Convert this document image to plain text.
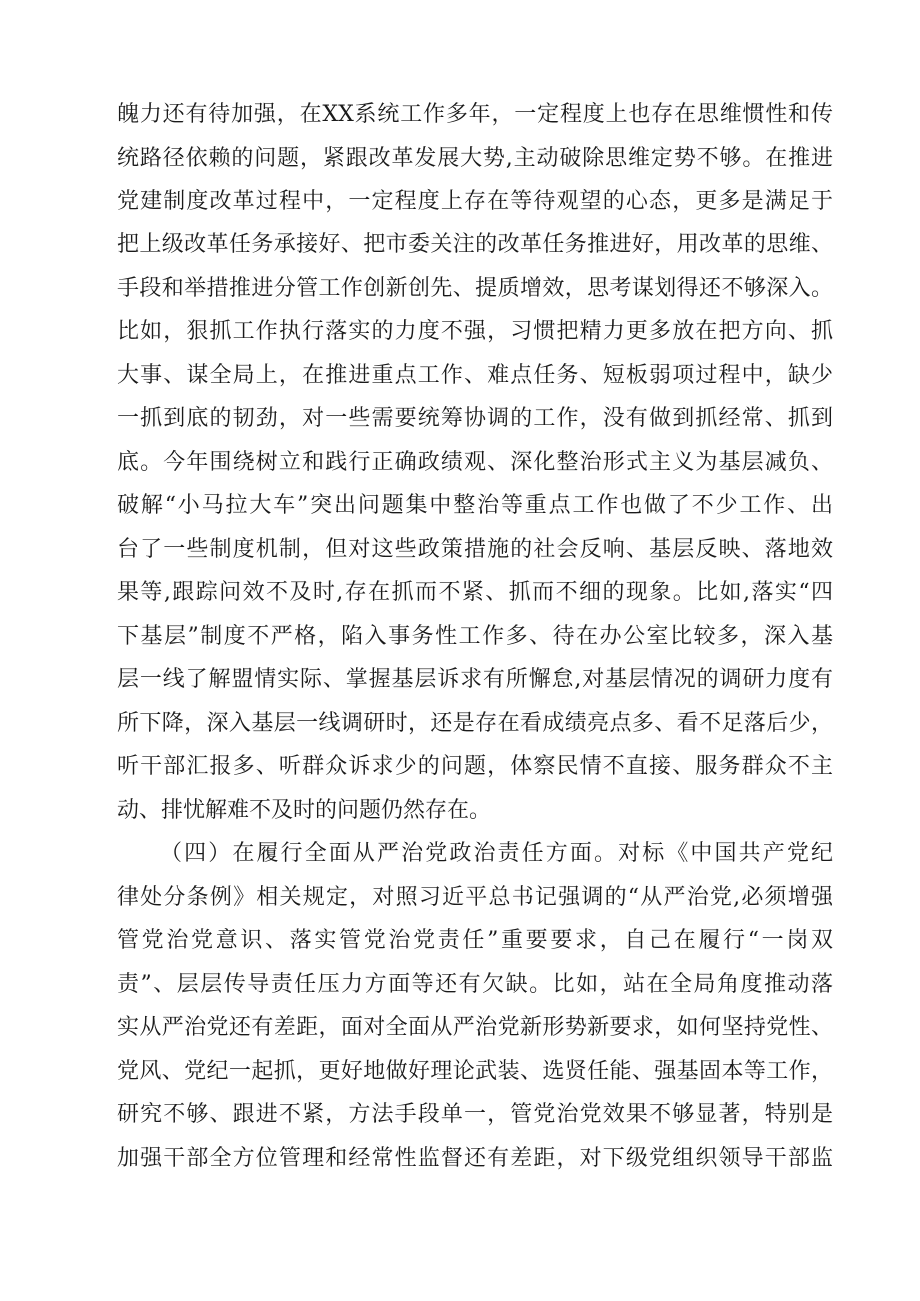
魄力还有待加强，在XX系统工作多年，一定程度上也存在思维惯性和传
统路径依赖的问题，紧跟改革发展大势,主动破除思维定势不够。在推进
党建制度改革过程中，一定程度上存在等待观望的心态，更多是满足于
把上级改革任务承接好、把市委关注的改革任务推进好，用改革的思维、
手段和举措推进分管工作创新创先、提质增效，思考谋划得还不够深入。
比如，狠抓工作执行落实的力度不强，习惯把精力更多放在把方向、抓
大事、谋全局上，在推进重点工作、难点任务、短板弱项过程中，缺少
一抓到底的韧劲，对一些需要统筹协调的工作，没有做到抓经常、抓到
底。今年围绕树立和践行正确政绩观、深化整治形式主义为基层减负、
破解“小马拉大车”突出问题集中整治等重点工作也做了不少工作、出
台了一些制度机制，但对这些政策措施的社会反响、基层反映、落地效
果等,跟踪问效不及时,存在抓而不紧、抓而不细的现象。比如,落实“四
下基层”制度不严格，陷入事务性工作多、待在办公室比较多，深入基
层一线了解盟情实际、掌握基层诉求有所懈怠,对基层情况的调研力度有
所下降，深入基层一线调研时，还是存在看成绩亮点多、看不足落后少，
听干部汇报多、听群众诉求少的问题，体察民情不直接、服务群众不主
动、排忧解难不及时的问题仍然存在。
（四）在履行全面从严治党政治责任方面。对标《中国共产党纪
律处分条例》相关规定，对照习近平总书记强调的“从严治党,必须增强
管党治党意识、落实管党治党责任”重要要求，自己在履行“一岗双
责”、层层传导责任压力方面等还有欠缺。比如，站在全局角度推动落
实从严治党还有差距，面对全面从严治党新形势新要求，如何坚持党性、
党风、党纪一起抓，更好地做好理论武装、选贤任能、强基固本等工作，
研究不够、跟进不紧，方法手段单一，管党治党效果不够显著，特别是
加强干部全方位管理和经常性监督还有差距，对下级党组织领导干部监
